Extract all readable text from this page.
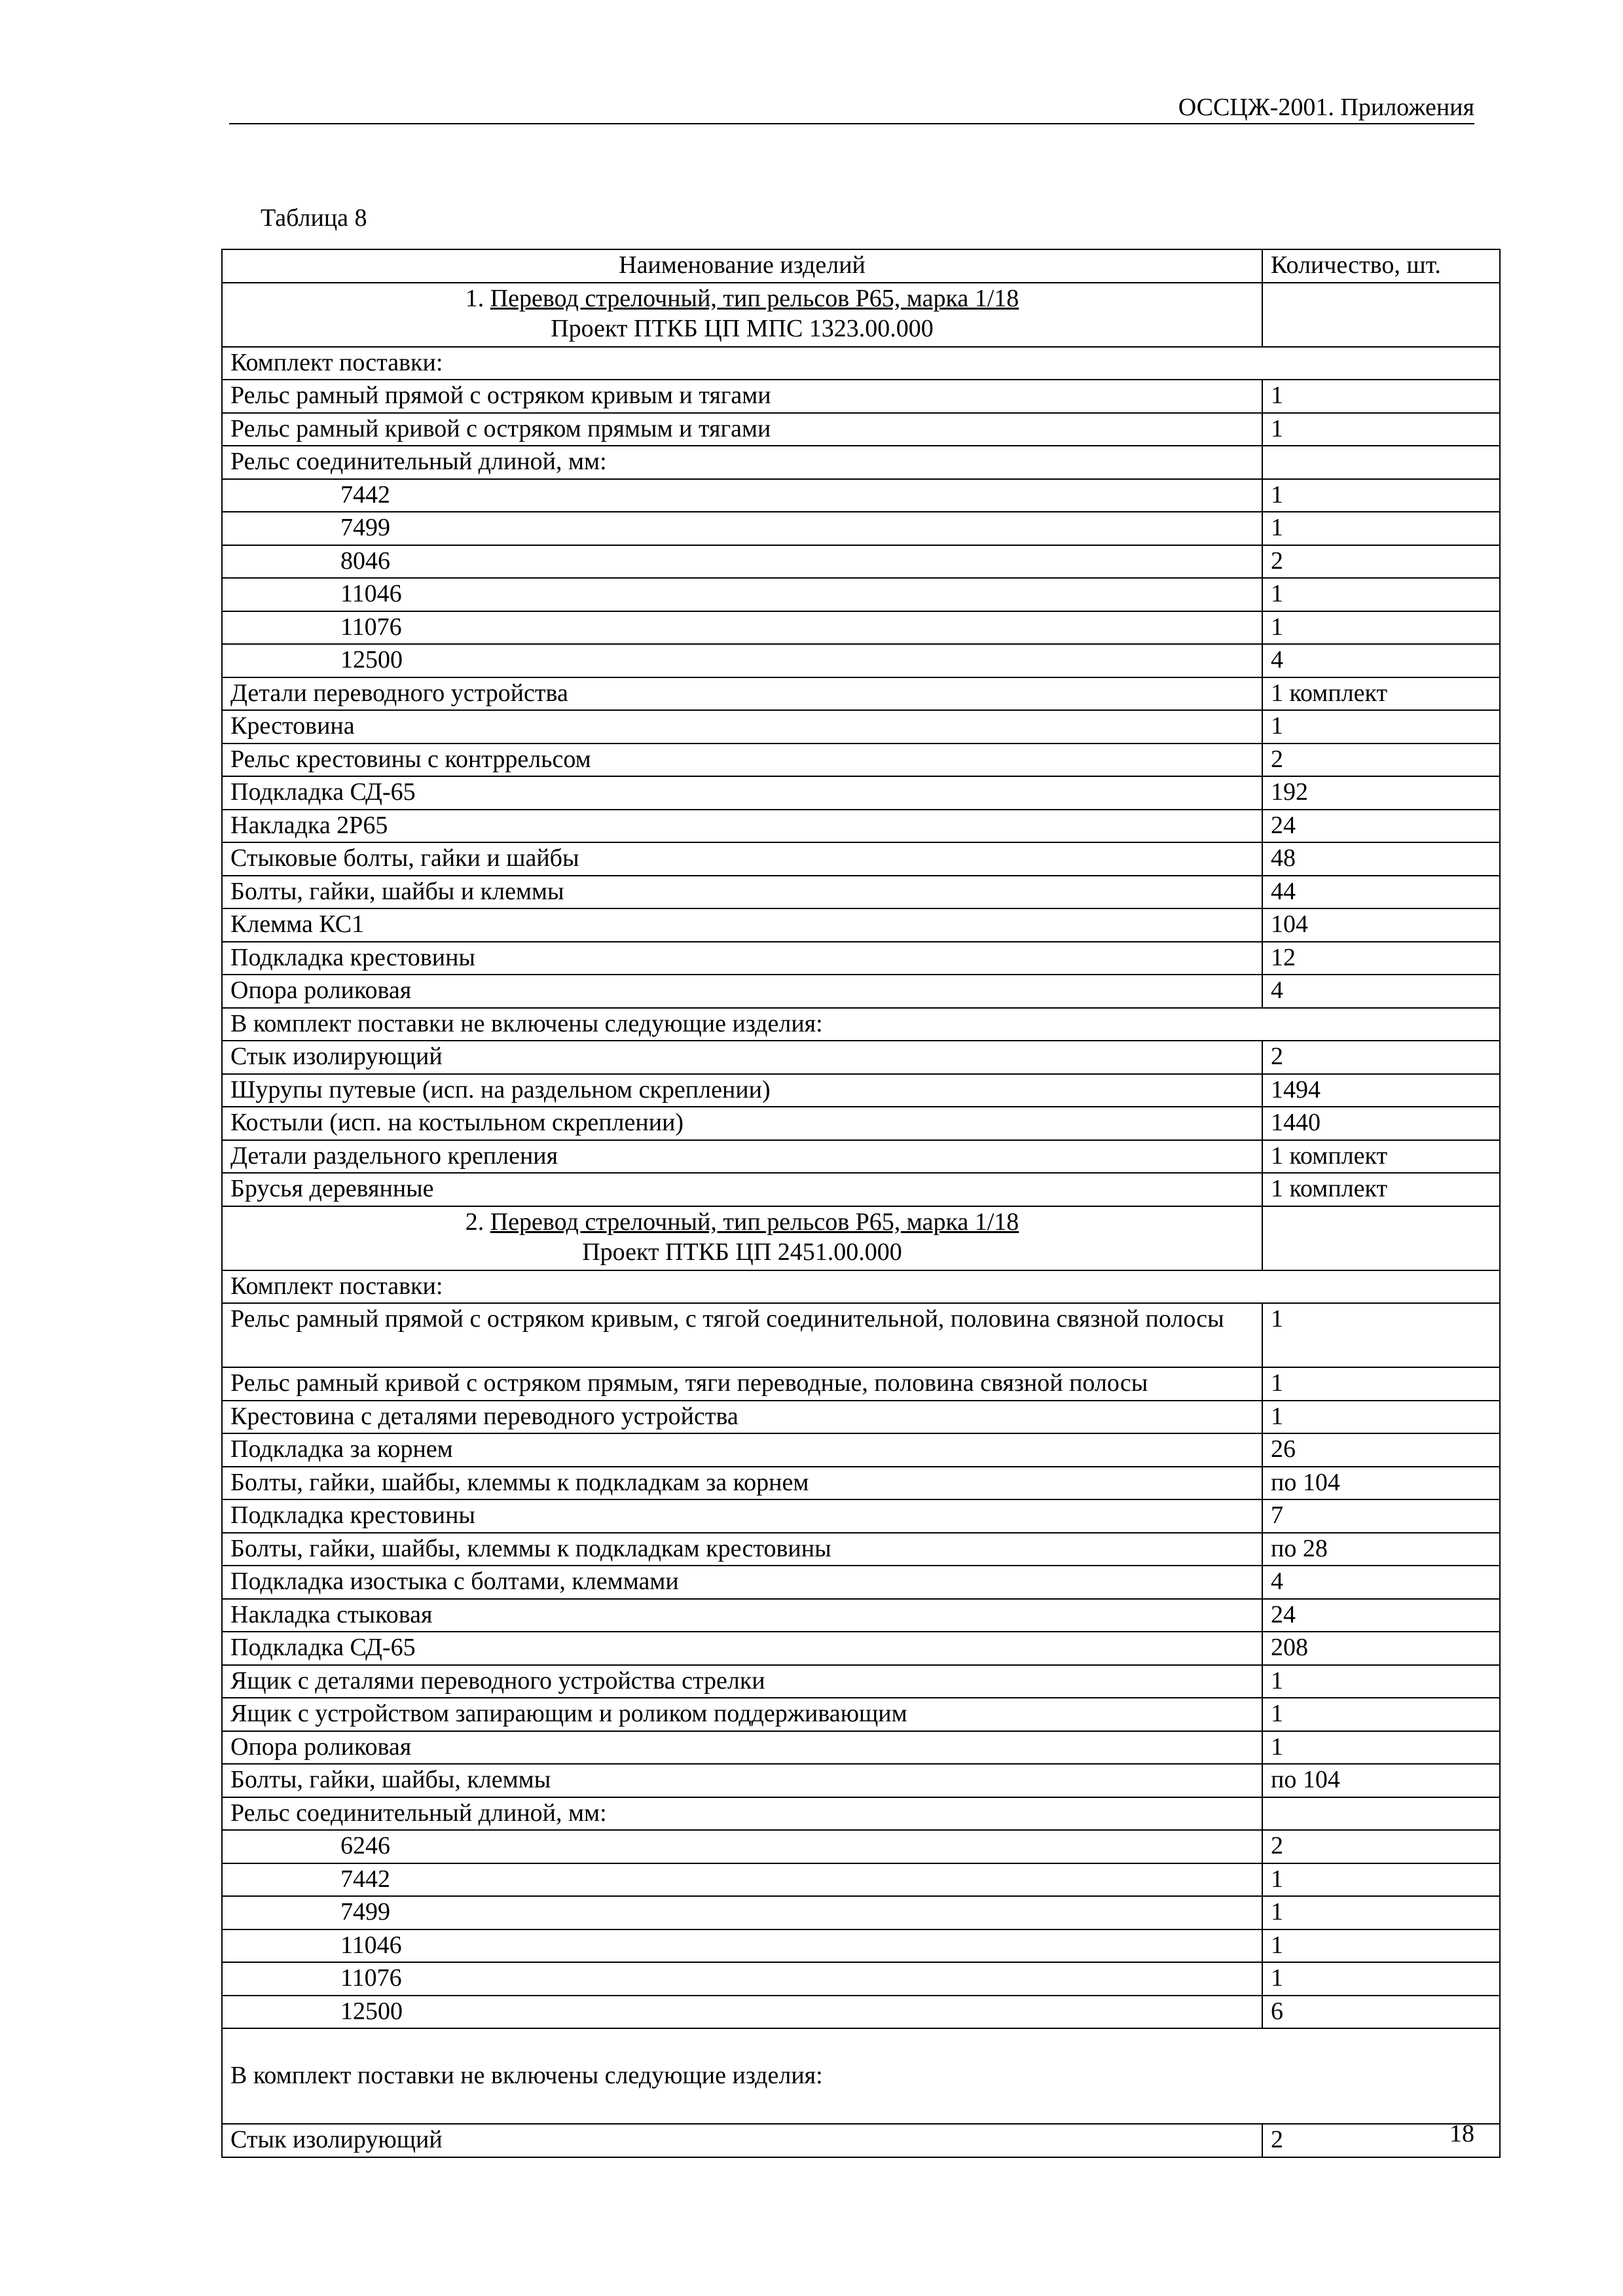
ОССЦЖ-2001. Приложения
Таблица 8
Наименование изделий	Количество, шт.

1. Перевод стрелочный, тип рельсов Р65, марка 1/18
Проект ПТКБ ЦП МПС 1323.00.000	

Комплект поставки:	
Рельс рамный прямой с остряком кривым и тягами	1
Рельс рамный кривой с остряком прямым и тягами	1
Рельс соединительный длиной, мм:	
7442	1
7499	1
8046	2
11046	1
11076	1
12500	4
Детали переводного устройства	1 комплект
Крестовина	1
Рельс крестовины с контррельсом	2
Подкладка СД-65	192
Накладка 2Р65	24
Стыковые болты, гайки и шайбы	48
Болты, гайки, шайбы и клеммы	44
Клемма КС1	104
Подкладка крестовины	12
Опора роликовая	4
В комплект поставки не включены следующие изделия:	
Стык изолирующий	2
Шурупы путевые (исп. на раздельном скреплении)	1494
Костыли (исп. на костыльном скреплении)	1440
Детали раздельного крепления	1 комплект
Брусья деревянные	1 комплект

2. Перевод стрелочный, тип рельсов Р65, марка 1/18
Проект ПТКБ ЦП 2451.00.000	

Комплект поставки:	
Рельс рамный прямой с остряком кривым, с тягой соединительной, половина связной полосы	1
Рельс рамный кривой с остряком прямым, тяги переводные, половина связной полосы	1
Крестовина с деталями переводного устройства	1
Подкладка за корнем	26
Болты, гайки, шайбы, клеммы к подкладкам за корнем	по 104
Подкладка крестовины	7
Болты, гайки, шайбы, клеммы к подкладкам крестовины	по 28
Подкладка изостыка с болтами, клеммами	4
Накладка стыковая	24
Подкладка СД-65	208
Ящик с деталями переводного устройства стрелки	1
Ящик с устройством запирающим и роликом поддерживающим	1
Опора роликовая	1
Болты, гайки, шайбы, клеммы	по 104
Рельс соединительный длиной, мм:	
6246	2
7442	1
7499	1
11046	1
11076	1
12500	6
В комплект поставки не включены следующие изделия:	
Стык изолирующий	2	18
